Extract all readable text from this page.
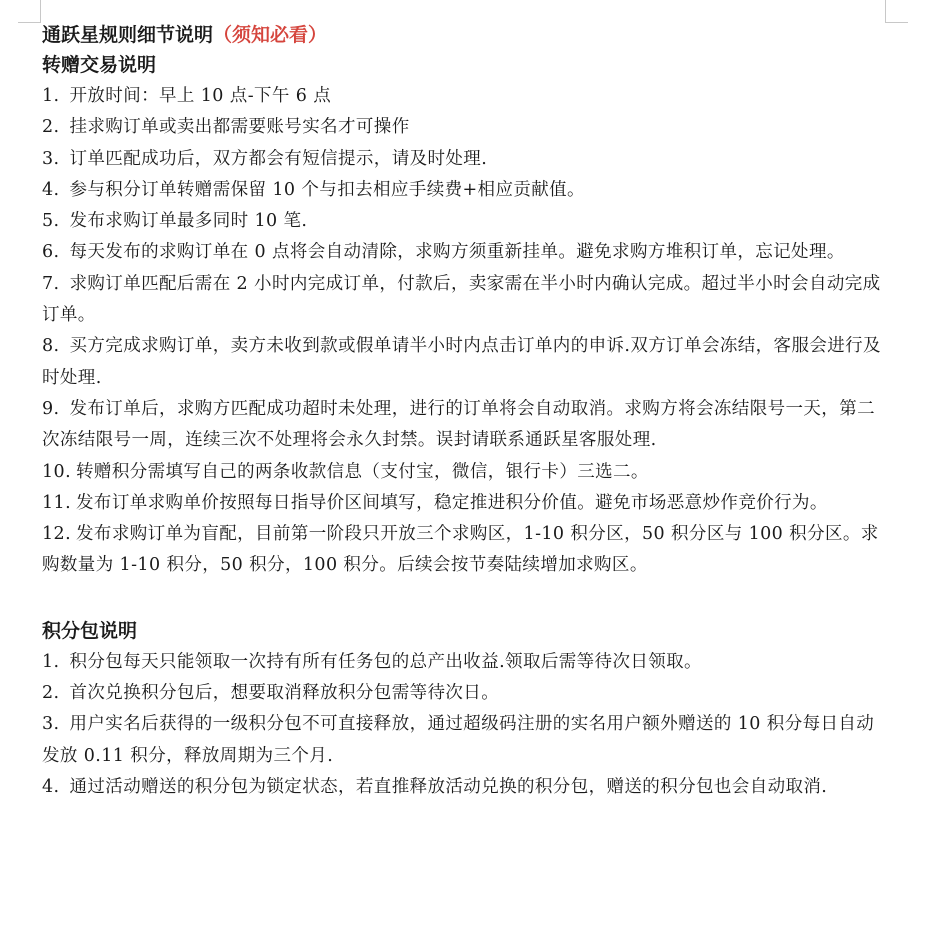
通跃星规则细节说明（须知必看）
转赠交易说明
1. 开放时间：早上 10 点-下午 6 点
2. 挂求购订单或卖出都需要账号实名才可操作
3. 订单匹配成功后，双方都会有短信提示，请及时处理.
4. 参与积分订单转赠需保留 10 个与扣去相应手续费+相应贡献值。
5. 发布求购订单最多同时 10 笔.
6. 每天发布的求购订单在 0 点将会自动清除，求购方须重新挂单。避免求购方堆积订单，忘记处理。
7. 求购订单匹配后需在 2 小时内完成订单，付款后，卖家需在半小时内确认完成。超过半小时会自动完成订单。
8. 买方完成求购订单，卖方未收到款或假单请半小时内点击订单内的申诉.双方订单会冻结，客服会进行及时处理.
9. 发布订单后，求购方匹配成功超时未处理，进行的订单将会自动取消。求购方将会冻结限号一天，第二次冻结限号一周，连续三次不处理将会永久封禁。误封请联系通跃星客服处理.
10. 转赠积分需填写自己的两条收款信息（支付宝，微信，银行卡）三选二。
11. 发布订单求购单价按照每日指导价区间填写，稳定推进积分价值。避免市场恶意炒作竞价行为。
12. 发布求购订单为盲配，目前第一阶段只开放三个求购区，1-10 积分区，50 积分区与 100 积分区。求购数量为 1-10 积分，50 积分，100 积分。后续会按节奏陆续增加求购区。
积分包说明
1. 积分包每天只能领取一次持有所有任务包的总产出收益.领取后需等待次日领取。
2. 首次兑换积分包后，想要取消释放积分包需等待次日。
3. 用户实名后获得的一级积分包不可直接释放，通过超级码注册的实名用户额外赠送的 10 积分每日自动发放 0.11 积分，释放周期为三个月.
4. 通过活动赠送的积分包为锁定状态，若直推释放活动兑换的积分包，赠送的积分包也会自动取消.
